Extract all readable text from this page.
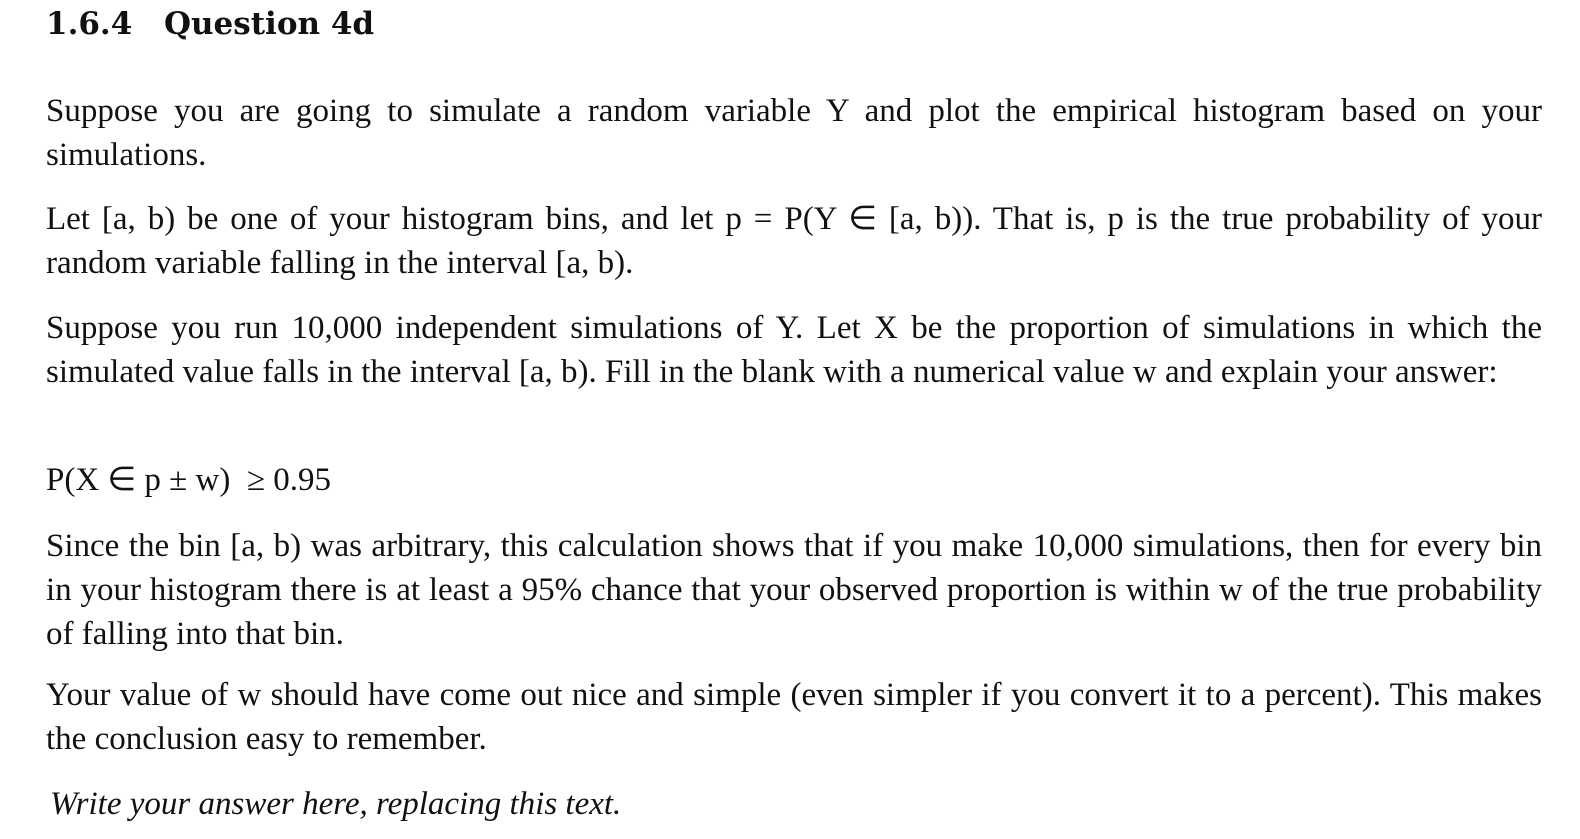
1.6.4 Question 4d
Suppose you are going to simulate a random variable Y and plot the empirical histogram based on your simulations.
Let [a, b) be one of your histogram bins, and let p = P(Y ∈ [a, b)). That is, p is the true probability of your random variable falling in the interval [a, b).
Suppose you run 10,000 independent simulations of Y. Let X be the proportion of simulations in which the simulated value falls in the interval [a, b). Fill in the blank with a numerical value w and explain your answer:
P(X ∈ p ± w)  ≥ 0.95
Since the bin [a, b) was arbitrary, this calculation shows that if you make 10,000 simulations, then for every bin in your histogram there is at least a 95% chance that your observed proportion is within w of the true probability of falling into that bin.
Your value of w should have come out nice and simple (even simpler if you convert it to a percent). This makes the conclusion easy to remember.
Write your answer here, replacing this text.
